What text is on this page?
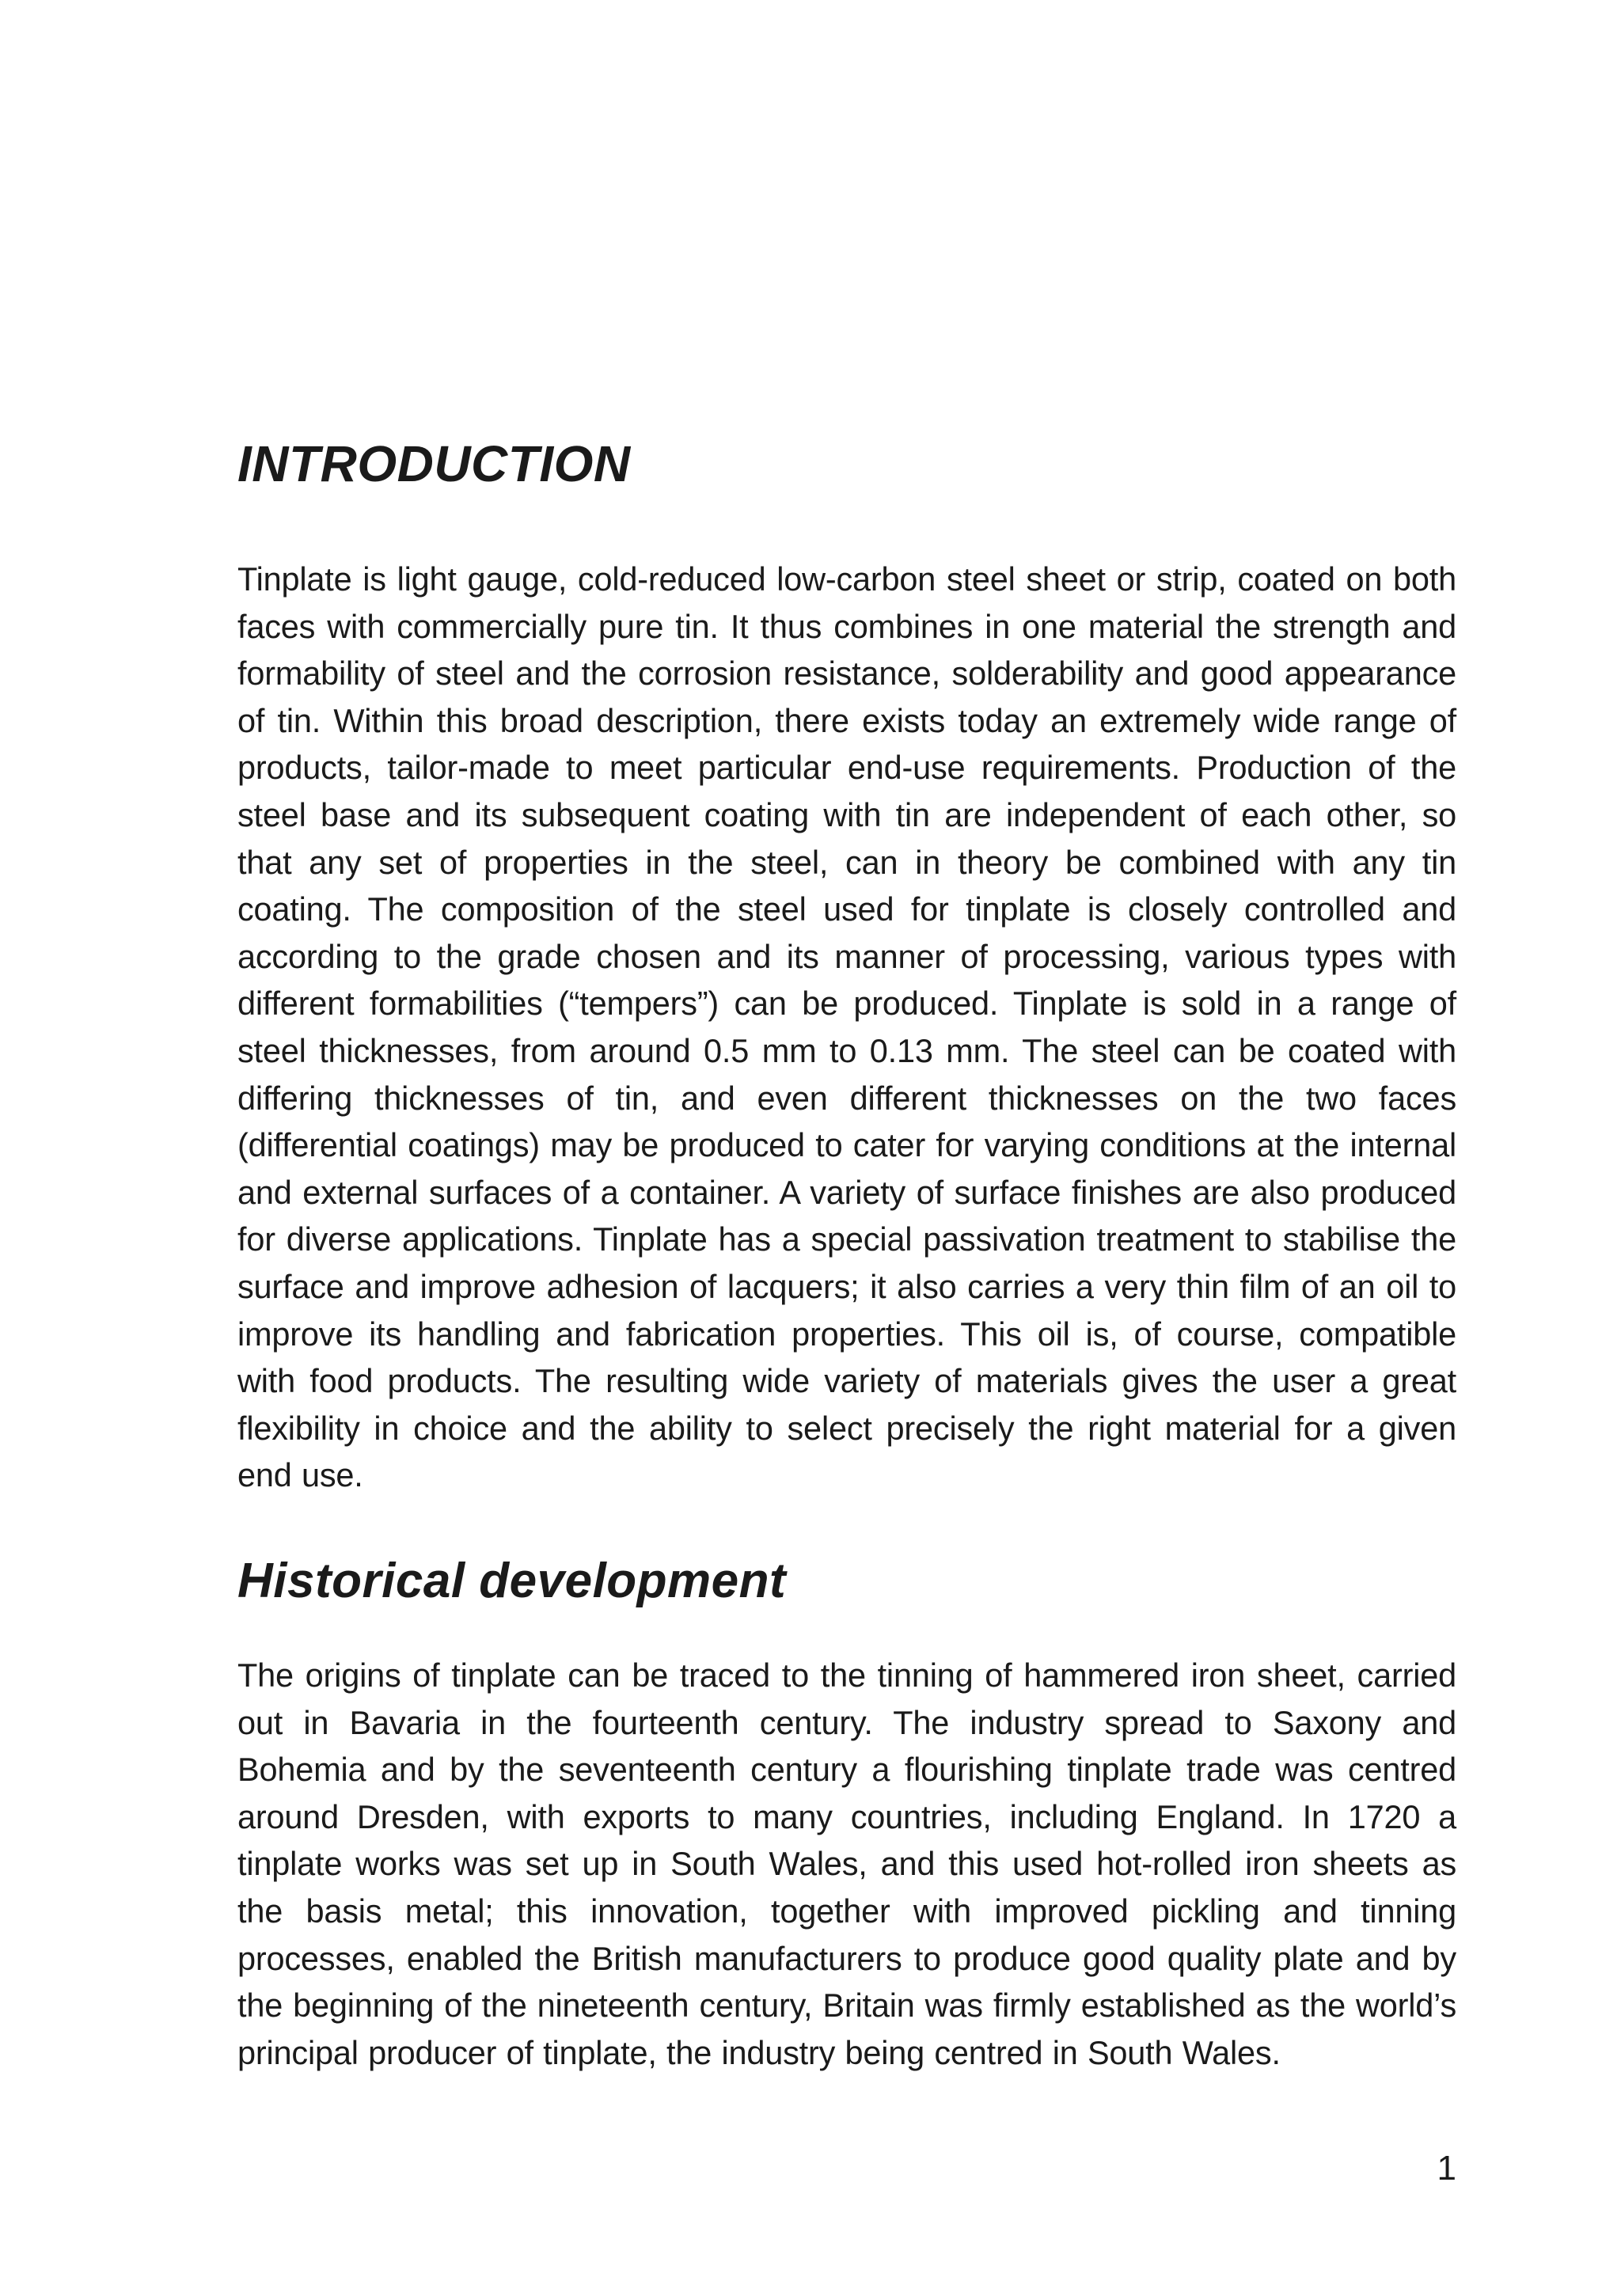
INTRODUCTION

Tinplate is light gauge, cold-reduced low-carbon steel sheet or strip, coated on both faces with commercially pure tin. It thus combines in one material the strength and formability of steel and the corrosion resistance, solderability and good appearance of tin. Within this broad description, there exists today an extremely wide range of products, tailor-made to meet particular end-use requirements. Production of the steel base and its subsequent coating with tin are independent of each other, so that any set of properties in the steel, can in theory be combined with any tin coating. The composition of the steel used for tinplate is closely controlled and according to the grade chosen and its manner of processing, various types with different formabilities (“tempers”) can be produced. Tinplate is sold in a range of steel thicknesses, from around 0.5 mm to 0.13 mm. The steel can be coated with differing thicknesses of tin, and even different thicknesses on the two faces (differential coatings) may be produced to cater for varying conditions at the internal and external surfaces of a container. A variety of surface finishes are also produced for diverse applications. Tinplate has a special passivation treatment to stabilise the surface and improve adhesion of lacquers; it also carries a very thin film of an oil to improve its handling and fabrication properties. This oil is, of course, compatible with food products. The resulting wide variety of materials gives the user a great flexibility in choice and the ability to select precisely the right material for a given end use.

Historical development

The origins of tinplate can be traced to the tinning of hammered iron sheet, carried out in Bavaria in the fourteenth century. The industry spread to Saxony and Bohemia and by the seventeenth century a flourishing tinplate trade was centred around Dresden, with exports to many countries, including England. In 1720 a tinplate works was set up in South Wales, and this used hot-rolled iron sheets as the basis metal; this innovation, together with improved pickling and tinning processes, enabled the British manufacturers to produce good quality plate and by the beginning of the nineteenth century, Britain was firmly established as the world’s principal producer of tinplate, the industry being centred in South Wales.

1
